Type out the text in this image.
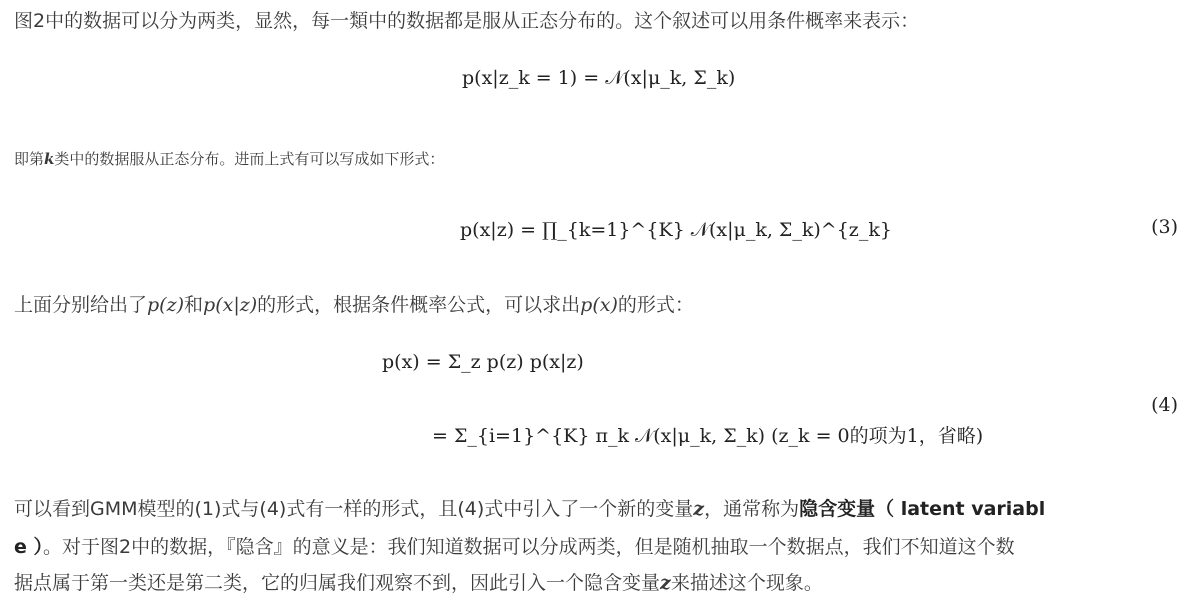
图2中的数据可以分为两类，显然，每一類中的数据都是服从正态分布的。这个叙述可以用条件概率来表示：
p(x|z_k = 1) = 𝒩(x|μ_k, Σ_k)
即第k类中的数据服从正态分布。进而上式有可以写成如下形式：
p(x|z) = ∏_{k=1}^{K} 𝒩(x|μ_k, Σ_k)^{z_k}	(3)
上面分别给出了p(z)和p(x|z)的形式，根据条件概率公式，可以求出p(x)的形式：
p(x) = Σ_z p(z) p(x|z)
= Σ_{i=1}^{K} π_k 𝒩(x|μ_k, Σ_k) (z_k = 0的项为1，省略)
(4)
可以看到GMM模型的(1)式与(4)式有一样的形式，且(4)式中引入了一个新的变量z，通常称为隐含变量（ latent variabl
e ）。对于图2中的数据，『隐含』的意义是：我们知道数据可以分成两类，但是随机抽取一个数据点，我们不知道这个数
据点属于第一类还是第二类，它的归属我们观察不到，因此引入一个隐含变量z来描述这个现象。
